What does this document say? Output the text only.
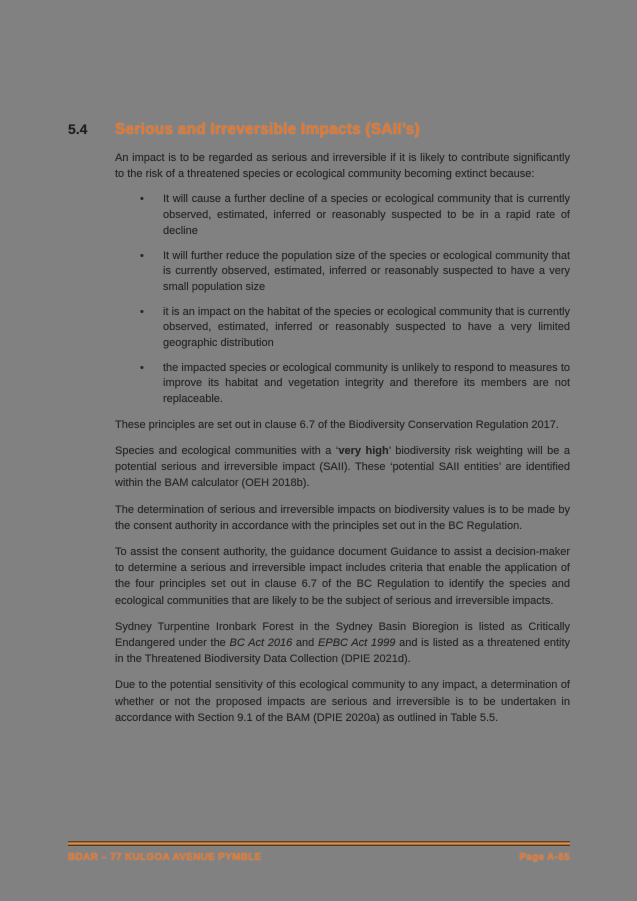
5.4	Serious and Irreversible Impacts (SAII’s)

An impact is to be regarded as serious and irreversible if it is likely to contribute significantly to the risk of a threatened species or ecological community becoming extinct because:

•	It will cause a further decline of a species or ecological community that is currently observed, estimated, inferred or reasonably suspected to be in a rapid rate of decline
•	It will further reduce the population size of the species or ecological community that is currently observed, estimated, inferred or reasonably suspected to have a very small population size
•	it is an impact on the habitat of the species or ecological community that is currently observed, estimated, inferred or reasonably suspected to have a very limited geographic distribution
•	the impacted species or ecological community is unlikely to respond to measures to improve its habitat and vegetation integrity and therefore its members are not replaceable.

These principles are set out in clause 6.7 of the Biodiversity Conservation Regulation 2017.

Species and ecological communities with a ‘very high’ biodiversity risk weighting will be a potential serious and irreversible impact (SAII). These ‘potential SAII entities’ are identified within the BAM calculator (OEH 2018b).

The determination of serious and irreversible impacts on biodiversity values is to be made by the consent authority in accordance with the principles set out in the BC Regulation.

To assist the consent authority, the guidance document Guidance to assist a decision-maker to determine a serious and irreversible impact includes criteria that enable the application of the four principles set out in clause 6.7 of the BC Regulation to identify the species and ecological communities that are likely to be the subject of serious and irreversible impacts.

Sydney Turpentine Ironbark Forest in the Sydney Basin Bioregion is listed as Critically Endangered under the BC Act 2016 and EPBC Act 1999 and is listed as a threatened entity in the Threatened Biodiversity Data Collection (DPIE 2021d).

Due to the potential sensitivity of this ecological community to any impact, a determination of whether or not the proposed impacts are serious and irreversible is to be undertaken in accordance with Section 9.1 of the BAM (DPIE 2020a) as outlined in Table 5.5.

BDAR – 77 KULGOA AVENUE PYMBLE	Page A-65
